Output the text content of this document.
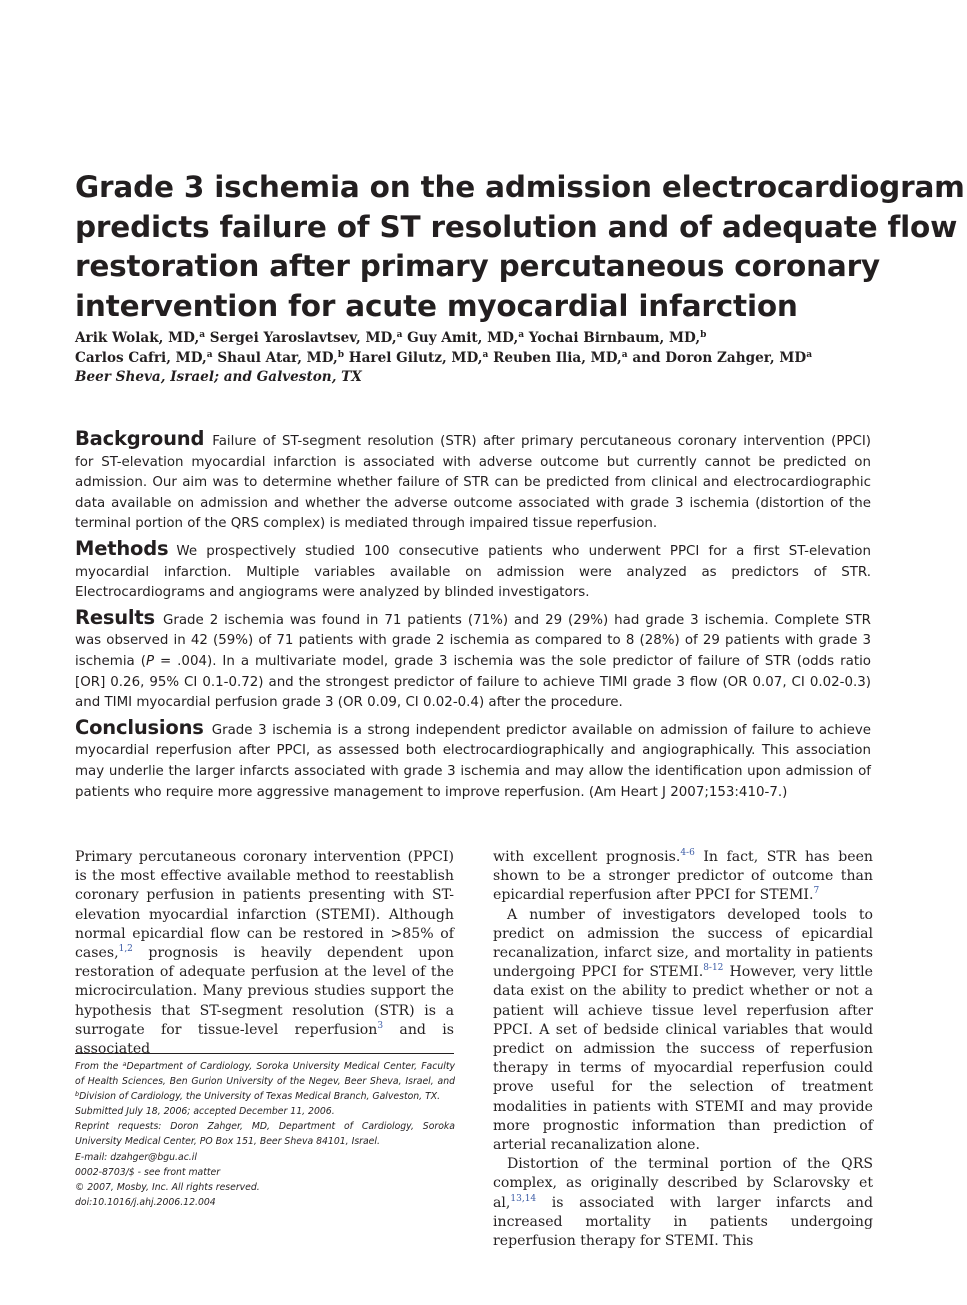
Grade 3 ischemia on the admission electrocardiogram
predicts failure of ST resolution and of adequate flow
restoration after primary percutaneous coronary
intervention for acute myocardial infarction
Arik Wolak, MD,$^a$ Sergei Yaroslavtsev, MD,$^a$ Guy Amit, MD,$^a$ Yochai Birnbaum, MD,$^b$
Carlos Cafri, MD,$^a$ Shaul Atar, MD,$^b$ Harel Gilutz, MD,$^a$ Reuben Ilia, MD,$^a$ and Doron Zahger, $MD^a$
Beer Sheva, Israel; and Galveston, TX

Background Failure of ST-segment resolution (STR) after primary percutaneous coronary intervention (PPCI) for ST-elevation myocardial infarction is associated with adverse outcome but currently cannot be predicted on admission. Our aim was to determine whether failure of STR can be predicted from clinical and electrocardiographic data available on admission and whether the adverse outcome associated with grade 3 ischemia (distortion of the terminal portion of the QRS complex) is mediated through impaired tissue reperfusion.

Methods We prospectively studied 100 consecutive patients who underwent PPCI for a first ST-elevation myocardial infarction. Multiple variables available on admission were analyzed as predictors of STR. Electrocardiograms and angiograms were analyzed by blinded investigators.

Results Grade 2 ischemia was found in 71 patients (71%) and 29 (29%) had grade 3 ischemia. Complete STR was observed in 42 (59%) of 71 patients with grade 2 ischemia as compared to 8 (28%) of 29 patients with grade 3 ischemia (P = .004). In a multivariate model, grade 3 ischemia was the sole predictor of failure of STR (odds ratio [OR] 0.26, 95% CI 0.1-0.72) and the strongest predictor of failure to achieve TIMI grade 3 flow (OR 0.07, CI 0.02-0.3) and TIMI myocardial perfusion grade 3 (OR 0.09, CI 0.02-0.4) after the procedure.

Conclusions Grade 3 ischemia is a strong independent predictor available on admission of failure to achieve myocardial reperfusion after PPCI, as assessed both electrocardiographically and angiographically. This association may underlie the larger infarcts associated with grade 3 ischemia and may allow the identification upon admission of patients who require more aggressive management to improve reperfusion. (Am Heart J 2007;153:410-7.)

Primary percutaneous coronary intervention (PPCI) is the most effective available method to reestablish coronary perfusion in patients presenting with ST-elevation myocardial infarction (STEMI). Although normal epicardial flow can be restored in >85% of cases,$^{1,2}$ prognosis is heavily dependent upon restoration of adequate perfusion at the level of the microcirculation. Many previous studies support the hypothesis that ST-segment resolution (STR) is a surrogate for tissue-level reperfusion$^3$ and is associated

From the $^a$Department of Cardiology, Soroka University Medical Center, Faculty of Health Sciences, Ben Gurion University of the Negev, Beer Sheva, Israel, and $^b$Division of Cardiology, the University of Texas Medical Branch, Galveston, TX.
Submitted July 18, 2006; accepted December 11, 2006.
Reprint requests: Doron Zahger, MD, Department of Cardiology, Soroka University Medical Center, PO Box 151, Beer Sheva 84101, Israel.
E-mail: dzahger@bgu.ac.il
0002-8703/$ - see front matter
© 2007, Mosby, Inc. All rights reserved.
doi:10.1016/j.ahj.2006.12.004

with excellent prognosis.$^{4-6}$ In fact, STR has been shown to be a stronger predictor of outcome than epicardial reperfusion after PPCI for STEMI.$^7$

A number of investigators developed tools to predict on admission the success of epicardial recanalization, infarct size, and mortality in patients undergoing PPCI for STEMI.$^{8-12}$ However, very little data exist on the ability to predict whether or not a patient will achieve tissue level reperfusion after PPCI. A set of bedside clinical variables that would predict on admission the success of reperfusion therapy in terms of myocardial reperfusion could prove useful for the selection of treatment modalities in patients with STEMI and may provide more prognostic information than prediction of arterial recanalization alone.

Distortion of the terminal portion of the QRS complex, as originally described by Sclarovsky et al,$^{13,14}$ is associated with larger infarcts and increased mortality in patients undergoing reperfusion therapy for STEMI. This
